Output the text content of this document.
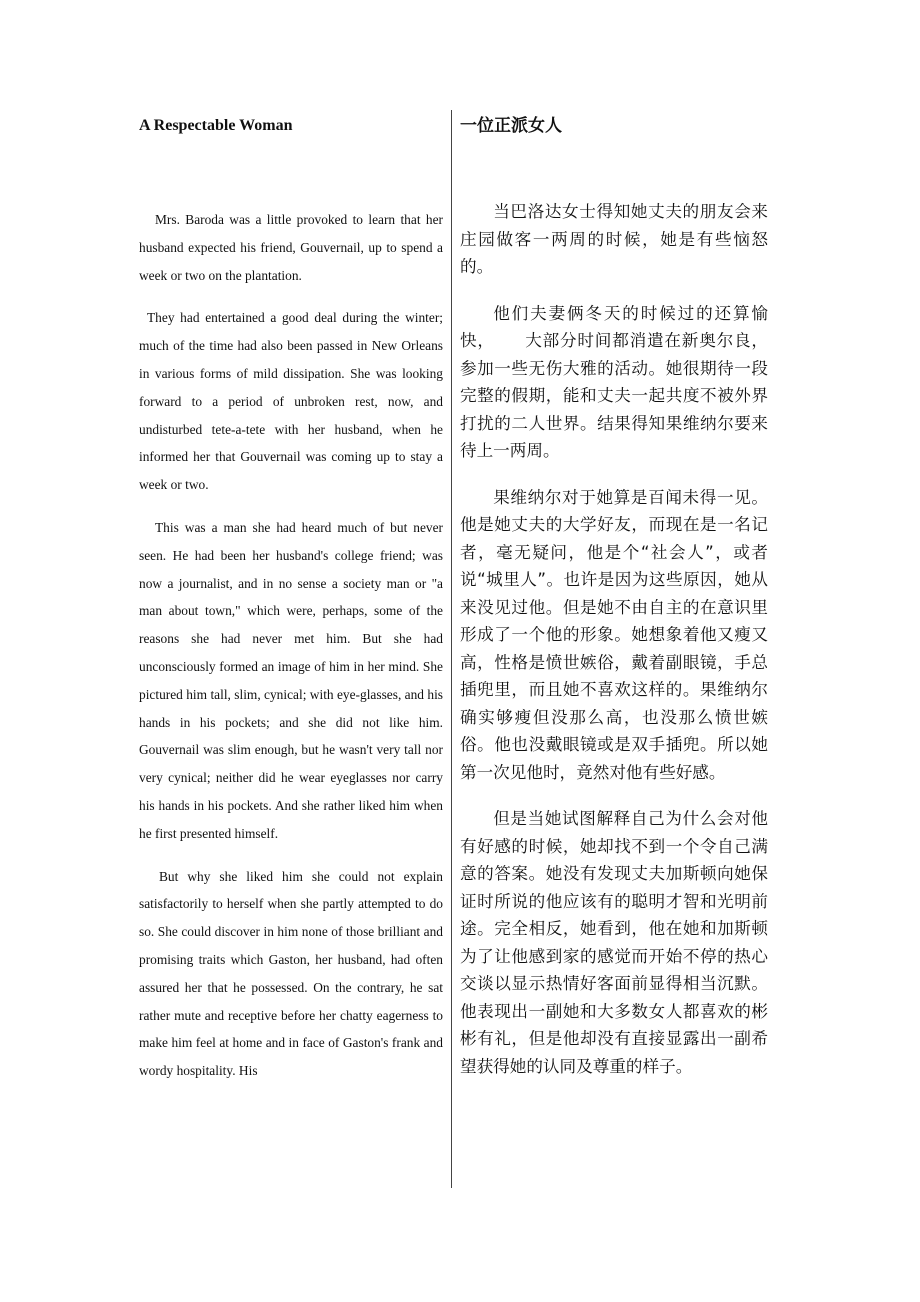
A Respectable Woman

Mrs. Baroda was a little provoked to learn that her husband expected his friend, Gouvernail, up to spend a week or two on the plantation.

They had entertained a good deal during the winter; much of the time had also been passed in New Orleans in various forms of mild dissipation. She was looking forward to a period of unbroken rest, now, and undisturbed tete-a-tete with her husband, when he informed her that Gouvernail was coming up to stay a week or two.

This was a man she had heard much of but never seen. He had been her husband's college friend; was now a journalist, and in no sense a society man or "a man about town," which were, perhaps, some of the reasons she had never met him. But she had unconsciously formed an image of him in her mind. She pictured him tall, slim, cynical; with eye-glasses, and his hands in his pockets; and she did not like him. Gouvernail was slim enough, but he wasn't very tall nor very cynical; neither did he wear eyeglasses nor carry his hands in his pockets. And she rather liked him when he first presented himself.

But why she liked him she could not explain satisfactorily to herself when she partly attempted to do so. She could discover in him none of those brilliant and promising traits which Gaston, her husband, had often assured her that he possessed. On the contrary, he sat rather mute and receptive before her chatty eagerness to make him feel at home and in face of Gaston's frank and wordy hospitality. His

一位正派女人

当巴洛达女士得知她丈夫的朋友会来庄园做客一两周的时候，她是有些恼怒的。

他们夫妻俩冬天的时候过的还算愉快，     大部分时间都消遣在新奥尔良，参加一些无伤大雅的活动。她很期待一段完整的假期，能和丈夫一起共度不被外界打扰的二人世界。结果得知果维纳尔要来待上一两周。

果维纳尔对于她算是百闻未得一见。他是她丈夫的大学好友，而现在是一名记者，毫无疑问，他是个“社会人”，或者说“城里人”。也许是因为这些原因，她从来没见过他。但是她不由自主的在意识里形成了一个他的形象。她想象着他又瘦又高，性格是愤世嫉俗，戴着副眼镜，手总插兜里，而且她不喜欢这样的。果维纳尔确实够瘦但没那么高，也没那么愤世嫉俗。他也没戴眼镜或是双手插兜。所以她第一次见他时，竟然对他有些好感。

但是当她试图解释自己为什么会对他有好感的时候，她却找不到一个令自己满意的答案。她没有发现丈夫加斯顿向她保证时所说的他应该有的聪明才智和光明前途。完全相反，她看到，他在她和加斯顿为了让他感到家的感觉而开始不停的热心交谈以显示热情好客面前显得相当沉默。他表现出一副她和大多数女人都喜欢的彬彬有礼，但是他却没有直接显露出一副希望获得她的认同及尊重的样子。
